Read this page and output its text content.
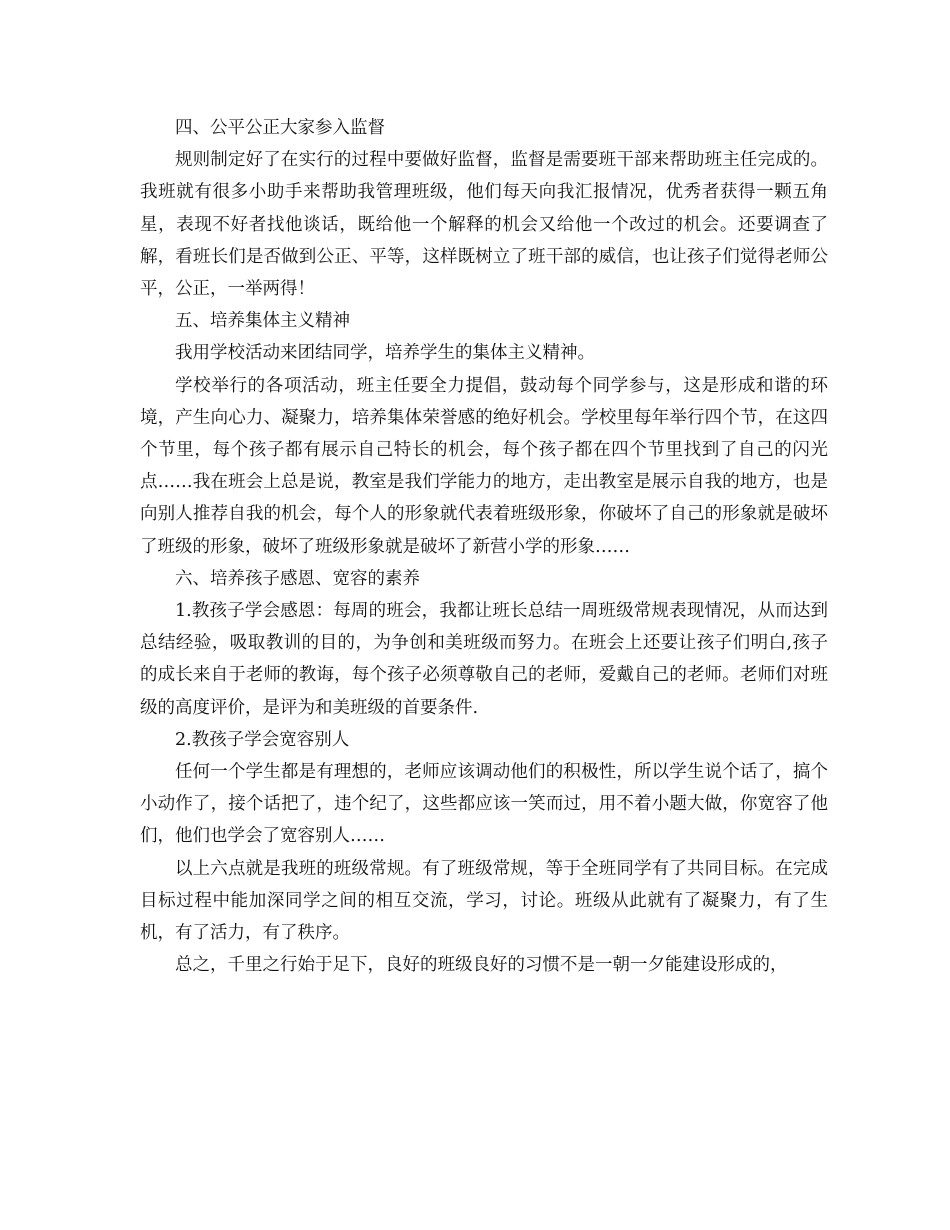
四、公平公正大家参入监督

规则制定好了在实行的过程中要做好监督，监督是需要班干部来帮助班主任完成的。我班就有很多小助手来帮助我管理班级，他们每天向我汇报情况，优秀者获得一颗五角星，表现不好者找他谈话，既给他一个解释的机会又给他一个改过的机会。还要调查了解，看班长们是否做到公正、平等，这样既树立了班干部的威信，也让孩子们觉得老师公平，公正，一举两得！

五、培养集体主义精神

我用学校活动来团结同学，培养学生的集体主义精神。

学校举行的各项活动，班主任要全力提倡，鼓动每个同学参与，这是形成和谐的环境，产生向心力、凝聚力，培养集体荣誉感的绝好机会。学校里每年举行四个节，在这四个节里，每个孩子都有展示自己特长的机会，每个孩子都在四个节里找到了自己的闪光点……我在班会上总是说，教室是我们学能力的地方，走出教室是展示自我的地方，也是向别人推荐自我的机会，每个人的形象就代表着班级形象，你破坏了自己的形象就是破坏了班级的形象，破坏了班级形象就是破坏了新营小学的形象……

六、培养孩子感恩、宽容的素养

1.教孩子学会感恩：每周的班会，我都让班长总结一周班级常规表现情况，从而达到总结经验，吸取教训的目的，为争创和美班级而努力。在班会上还要让孩子们明白,孩子的成长来自于老师的教诲，每个孩子必须尊敬自己的老师，爱戴自己的老师。老师们对班级的高度评价，是评为和美班级的首要条件.

2.教孩子学会宽容别人

任何一个学生都是有理想的，老师应该调动他们的积极性，所以学生说个话了，搞个小动作了，接个话把了，违个纪了，这些都应该一笑而过，用不着小题大做，你宽容了他们，他们也学会了宽容别人……

以上六点就是我班的班级常规。有了班级常规，等于全班同学有了共同目标。在完成目标过程中能加深同学之间的相互交流，学习，讨论。班级从此就有了凝聚力，有了生机，有了活力，有了秩序。

总之，千里之行始于足下，良好的班级良好的习惯不是一朝一夕能建设形成的，
